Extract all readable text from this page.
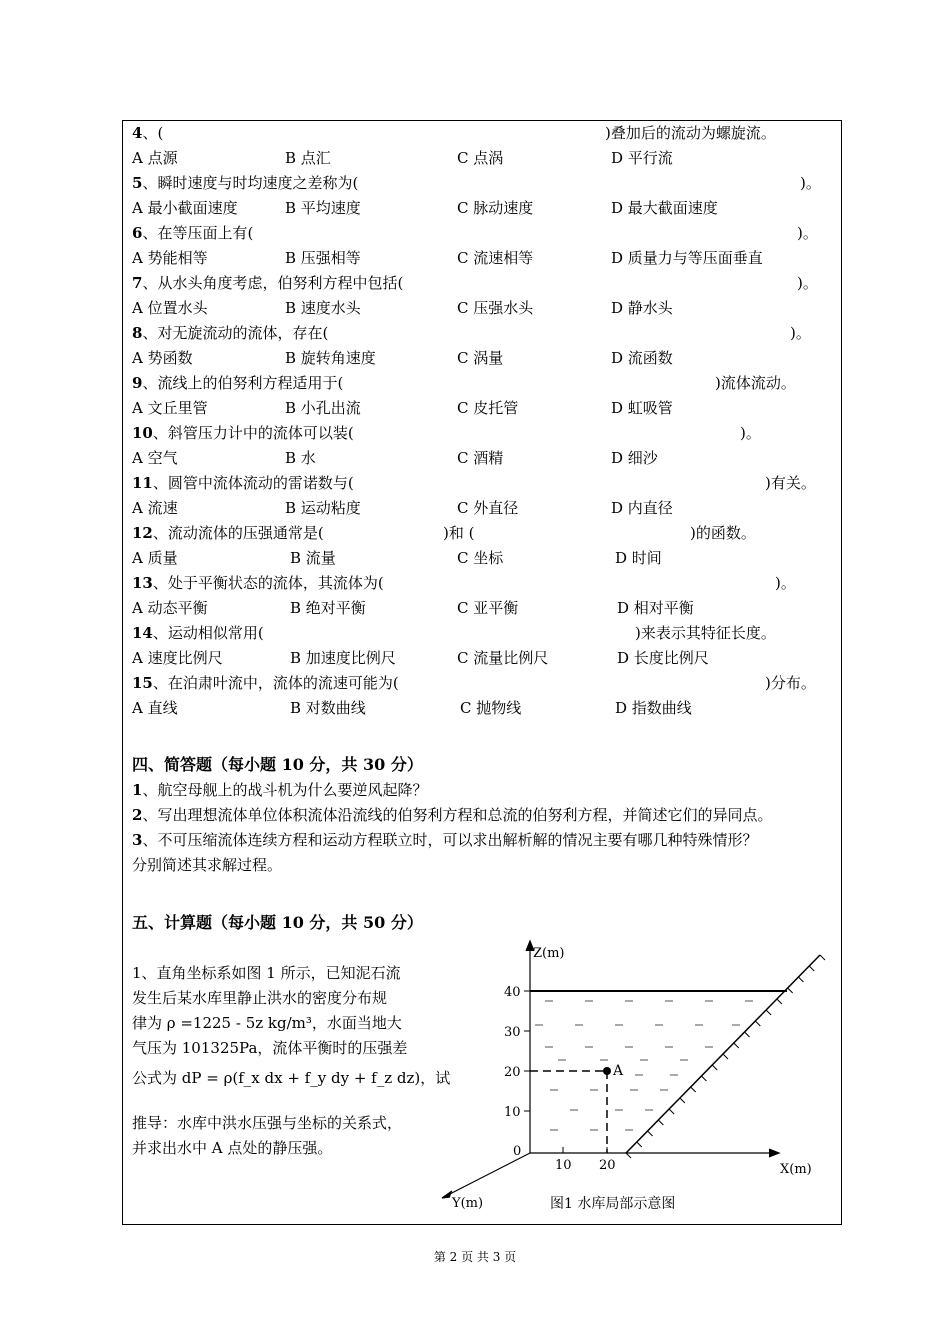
4、(	)叠加后的流动为螺旋流。
A 点源	B 点汇	C 点涡	D 平行流
5、瞬时速度与时均速度之差称为(	)。
A 最小截面速度	B 平均速度	C 脉动速度	D 最大截面速度
6、在等压面上有(	)。
A 势能相等	B 压强相等	C 流速相等	D 质量力与等压面垂直
7、从水头角度考虑，伯努利方程中包括(	)。
A 位置水头	B 速度水头	C 压强水头	D 静水头
8、对无旋流动的流体，存在(	)。
A 势函数	B 旋转角速度	C 涡量	D 流函数
9、流线上的伯努利方程适用于(	)流体流动。
A 文丘里管	B 小孔出流	C 皮托管	D 虹吸管
10、斜管压力计中的流体可以装(	)。
A 空气	B 水	C 酒精	D 细沙
11、圆管中流体流动的雷诺数与(	)有关。
A 流速	B 运动粘度	C 外直径	D 内直径
12、流动流体的压强通常是(	)和 (	)的函数。
A 质量	B 流量	C 坐标	D 时间
13、处于平衡状态的流体，其流体为(	)。
A 动态平衡	B 绝对平衡	C 亚平衡	D 相对平衡
14、运动相似常用(	)来表示其特征长度。
A 速度比例尺	B 加速度比例尺	C 流量比例尺	D 长度比例尺
15、在泊肃叶流中，流体的流速可能为(	)分布。
A 直线	B 对数曲线	C 抛物线	D 指数曲线
四、简答题（每小题 10 分，共 30 分）
1、航空母舰上的战斗机为什么要逆风起降？
2、写出理想流体单位体积流体沿流线的伯努利方程和总流的伯努利方程，并简述它们的异同点。
3、不可压缩流体连续方程和运动方程联立时，可以求出解析解的情况主要有哪几种特殊情形？
分别简述其求解过程。
五、计算题（每小题 10 分，共 50 分）
1、直角坐标系如图 1 所示，已知泥石流
发生后某水库里静止洪水的密度分布规
律为 ρ =1225 - 5z kg/m³，水面当地大
气压为 101325Pa，流体平衡时的压强差
公式为 dP = ρ(f_x dx + f_y dy + f_z dz)，试
推导：水库中洪水压强与坐标的关系式，
并求出水中 A 点处的静压强。
A
Z(m)
X(m)
Y(m)
40
30
20
10
0
10 20
图1 水库局部示意图
第 2 页 共 3 页
